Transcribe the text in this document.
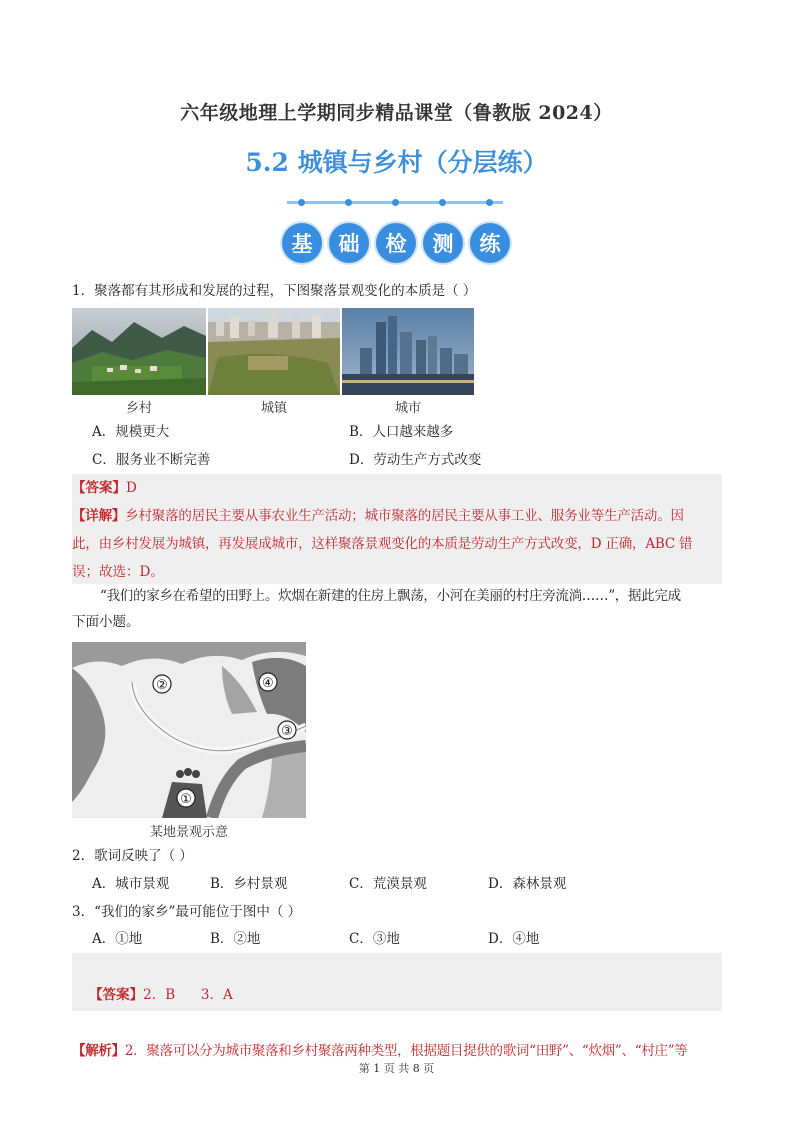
六年级地理上学期同步精品课堂（鲁教版 2024）
5.2 城镇与乡村（分层练）
基	础	检	测	练
1．聚落都有其形成和发展的过程，下图聚落景观变化的本质是（ ）
乡村	城镇	城市
A．规模更大	B．人口越来越多
C．服务业不断完善	D．劳动生产方式改变
【答案】D
【详解】乡村聚落的居民主要从事农业生产活动；城市聚落的居民主要从事工业、服务业等生产活动。因
此，由乡村发展为城镇，再发展成城市，这样聚落景观变化的本质是劳动生产方式改变，D 正确，ABC 错
误；故选：D。
“我们的家乡在希望的田野上。炊烟在新建的住房上飘荡，小河在美丽的村庄旁流淌……”，据此完成
下面小题。
①
②
③
④
某地景观示意
2．歌词反映了（ ）
A．城市景观	B．乡村景观	C．荒漠景观	D．森林景观
3．“我们的家乡”最可能位于图中（ ）
A．①地	B．②地	C．③地	D．④地

【答案】2．B      3．A

【解析】2．聚落可以分为城市聚落和乡村聚落两种类型，根据题目提供的歌词“田野”、“炊烟”、“村庄”等
第 1 页 共 8 页
